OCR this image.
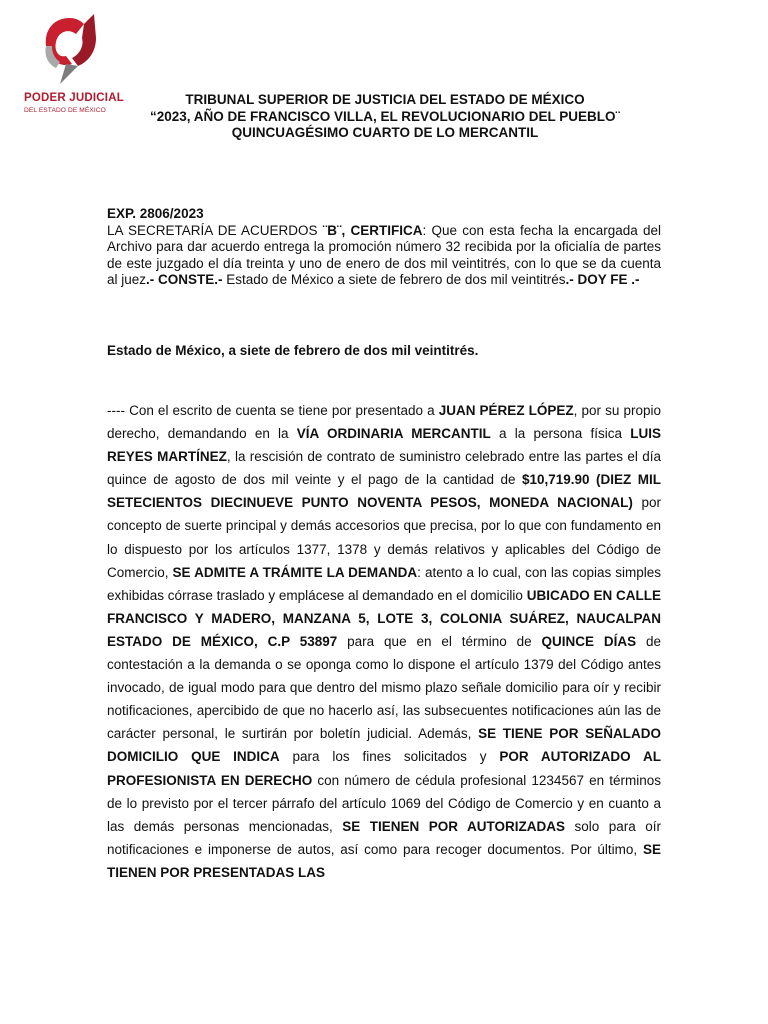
PODER JUDICIAL
DEL ESTADO DE MÉXICO
TRIBUNAL SUPERIOR DE JUSTICIA DEL ESTADO DE MÉXICO
“2023, AÑO DE FRANCISCO VILLA, EL REVOLUCIONARIO DEL PUEBLO¨
QUINCUAGÉSIMO CUARTO DE LO MERCANTIL

EXP. 2806/2023

LA SECRETARÍA DE ACUERDOS ¨B¨, CERTIFICA: Que con esta fecha la encargada del Archivo para dar acuerdo entrega la promoción número 32 recibida por la oficialía de partes de este juzgado el día treinta y uno de enero de dos mil veintitrés, con lo que se da cuenta al juez.- CONSTE.- Estado de México a siete de febrero de dos mil veintitrés.- DOY FE .-

Estado de México, a siete de febrero de dos mil veintitrés.

---- Con el escrito de cuenta se tiene por presentado a JUAN PÉREZ LÓPEZ, por su propio derecho, demandando en la VÍA ORDINARIA MERCANTIL a la persona física LUIS REYES MARTÍNEZ, la rescisión de contrato de suministro celebrado entre las partes el día quince de agosto de dos mil veinte y el pago de la cantidad de $10,719.90 (DIEZ MIL SETECIENTOS DIECINUEVE PUNTO NOVENTA PESOS, MONEDA NACIONAL) por concepto de suerte principal y demás accesorios que precisa, por lo que con fundamento en lo dispuesto por los artículos 1377, 1378 y demás relativos y aplicables del Código de Comercio, SE ADMITE A TRÁMITE LA DEMANDA: atento a lo cual, con las copias simples exhibidas córrase traslado y emplácese al demandado en el domicilio UBICADO EN CALLE FRANCISCO Y MADERO, MANZANA 5, LOTE 3, COLONIA SUÁREZ, NAUCALPAN ESTADO DE MÉXICO, C.P 53897 para que en el término de QUINCE DÍAS de contestación a la demanda o se oponga como lo dispone el artículo 1379 del Código antes invocado, de igual modo para que dentro del mismo plazo señale domicilio para oír y recibir notificaciones, apercibido de que no hacerlo así, las subsecuentes notificaciones aún las de carácter personal, le surtirán por boletín judicial. Además, SE TIENE POR SEÑALADO DOMICILIO QUE INDICA para los fines solicitados y POR AUTORIZADO AL PROFESIONISTA EN DERECHO con número de cédula profesional 1234567 en términos de lo previsto por el tercer párrafo del artículo 1069 del Código de Comercio y en cuanto a las demás personas mencionadas, SE TIENEN POR AUTORIZADAS solo para oír notificaciones e imponerse de autos, así como para recoger documentos. Por último, SE TIENEN POR PRESENTADAS LAS
